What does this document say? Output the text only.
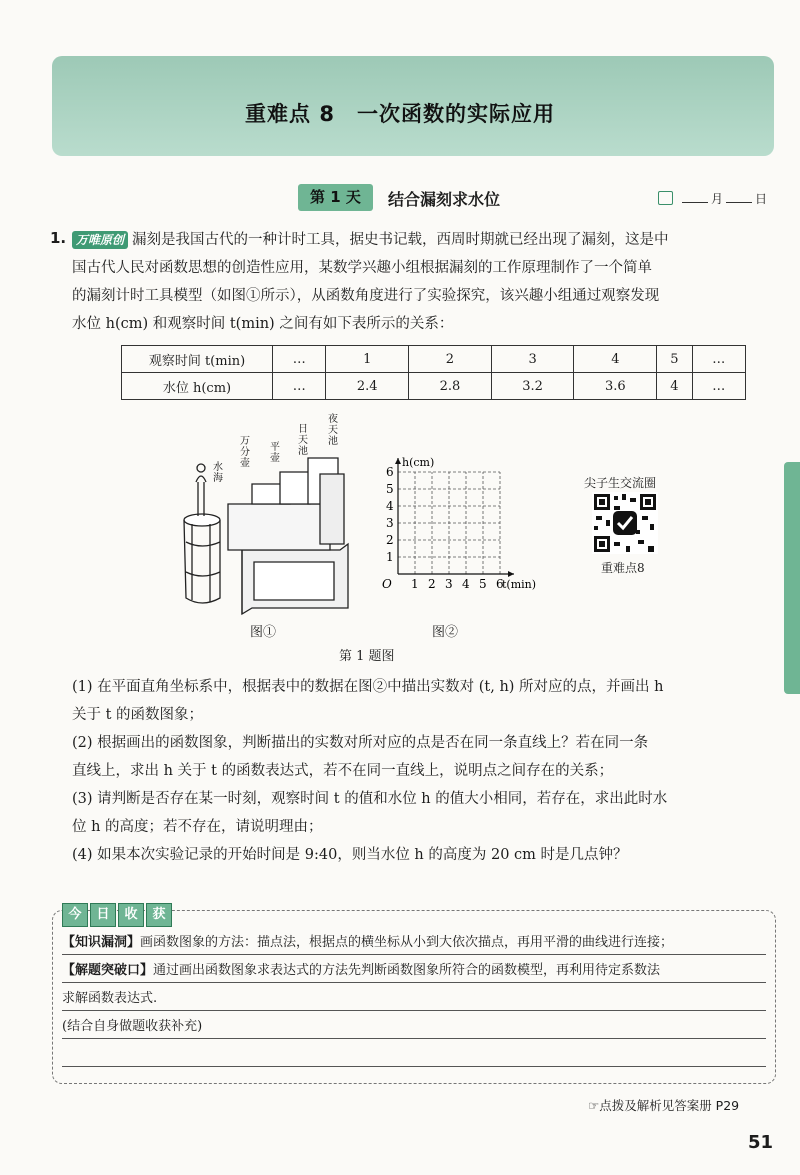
重难点 8　一次函数的实际应用
第 1 天	结合漏刻求水位	月	日
1. 万唯原创 漏刻是我国古代的一种计时工具，据史书记载，西周时期就已经出现了漏刻，这是中
国古代人民对函数思想的创造性应用，某数学兴趣小组根据漏刻的工作原理制作了一个简单
的漏刻计时工具模型（如图①所示），从函数角度进行了实验探究，该兴趣小组通过观察发现
水位 h(cm) 和观察时间 t(min) 之间有如下表所示的关系：
观察时间 t(min)	…	1	2	3	4	5	…
水位 h(cm)	…	2.4	2.8	3.2	3.6	4	…
夜天池
日天池
平壶
万分壶
水海
图①
1 2 3 4 5 6
1
2
3
4
5
6
O	t(min)
h(cm)
图②
尖子生交流圈
重难点8
第 1 题图
(1) 在平面直角坐标系中，根据表中的数据在图②中描出实数对 (t, h) 所对应的点，并画出 h
关于 t 的函数图象；
(2) 根据画出的函数图象，判断描出的实数对所对应的点是否在同一条直线上？若在同一条
直线上，求出 h 关于 t 的函数表达式，若不在同一直线上，说明点之间存在的关系；
(3) 请判断是否存在某一时刻，观察时间 t 的值和水位 h 的值大小相同，若存在，求出此时水
位 h 的高度；若不存在，请说明理由；
(4) 如果本次实验记录的开始时间是 9:40，则当水位 h 的高度为 20 cm 时是几点钟？
今	日	收	获
【知识漏洞】画函数图象的方法：描点法，根据点的横坐标从小到大依次描点，再用平滑的曲线进行连接；
【解题突破口】通过画出函数图象求表达式的方法先判断函数图象所符合的函数模型，再利用待定系数法
求解函数表达式.
(结合自身做题收获补充)
☞点拨及解析见答案册 P29
51
